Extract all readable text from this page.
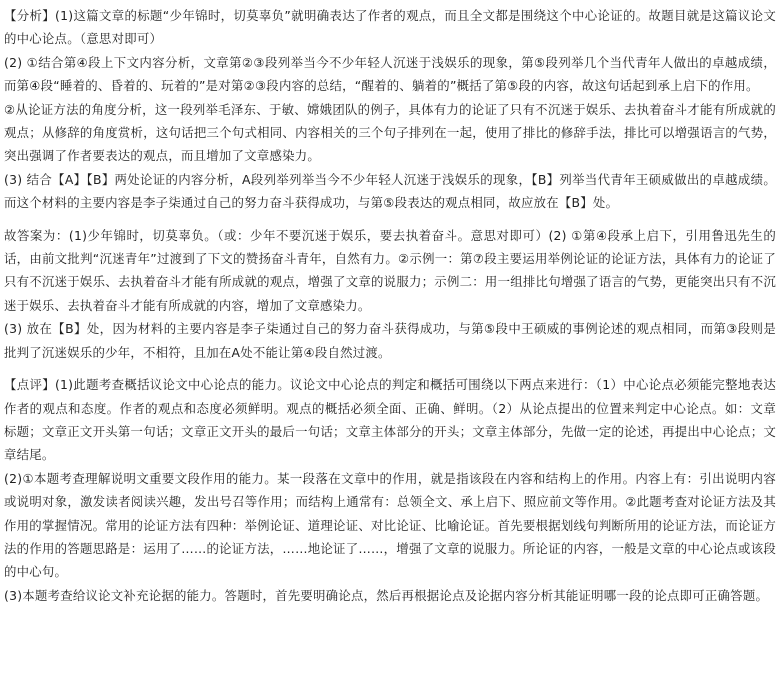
【分析】(1)这篇文章的标题“少年锦时，切莫辜负”就明确表达了作者的观点，而且全文都是围绕这个中心论证的。故题目就是这篇议论文的中心论点。（意思对即可）

(2) ①结合第④段上下文内容分析，文章第②③段列举当今不少年轻人沉迷于浅娱乐的现象，第⑤段列举几个当代青年人做出的卓越成绩，而第④段“睡着的、昏着的、玩着的”是对第②③段内容的总结，“醒着的、躺着的”概括了第⑤段的内容，故这句话起到承上启下的作用。

②从论证方法的角度分析，这一段列举毛泽东、于敏、嫦娥团队的例子，具体有力的论证了只有不沉迷于娱乐、去执着奋斗才能有所成就的观点；从修辞的角度赏析，这句话把三个句式相同、内容相关的三个句子排列在一起，使用了排比的修辞手法，排比可以增强语言的气势，突出强调了作者要表达的观点，而且增加了文章感染力。

(3) 结合【A】【B】两处论证的内容分析，A段列举列举当今不少年轻人沉迷于浅娱乐的现象，【B】列举当代青年王硕威做出的卓越成绩。而这个材料的主要内容是李子柒通过自己的努力奋斗获得成功，与第⑤段表达的观点相同，故应放在【B】处。

故答案为：(1)少年锦时，切莫辜负。（或：少年不要沉迷于娱乐，要去执着奋斗。意思对即可）(2) ①第④段承上启下，引用鲁迅先生的话，由前文批判“沉迷青年”过渡到了下文的赞扬奋斗青年，自然有力。②示例一：第⑦段主要运用举例论证的论证方法，具体有力的论证了只有不沉迷于娱乐、去执着奋斗才能有所成就的观点，增强了文章的说服力；示例二：用一组排比句增强了语言的气势，更能突出只有不沉迷于娱乐、去执着奋斗才能有所成就的内容，增加了文章感染力。

(3) 放在【B】处，因为材料的主要内容是李子柒通过自己的努力奋斗获得成功，与第⑤段中王硕威的事例论述的观点相同，而第③段则是批判了沉迷娱乐的少年，不相符，且加在A处不能让第④段自然过渡。

【点评】(1)此题考查概括议论文中心论点的能力。议论文中心论点的判定和概括可围绕以下两点来进行：（1）中心论点必须能完整地表达作者的观点和态度。作者的观点和态度必须鲜明。观点的概括必须全面、正确、鲜明。（2）从论点提出的位置来判定中心论点。如：文章标题；文章正文开头第一句话；文章正文开头的最后一句话；文章主体部分的开头；文章主体部分，先做一定的论述，再提出中心论点；文章结尾。

(2)①本题考查理解说明文重要文段作用的能力。某一段落在文章中的作用，就是指该段在内容和结构上的作用。内容上有：引出说明内容或说明对象，激发读者阅读兴趣，发出号召等作用；而结构上通常有：总领全文、承上启下、照应前文等作用。②此题考查对论证方法及其作用的掌握情况。常用的论证方法有四种：举例论证、道理论证、对比论证、比喻论证。首先要根据划线句判断所用的论证方法，而论证方法的作用的答题思路是：运用了……的论证方法，……地论证了……，增强了文章的说服力。所论证的内容，一般是文章的中心论点或该段的中心句。

(3)本题考查给议论文补充论据的能力。答题时，首先要明确论点，然后再根据论点及论据内容分析其能证明哪一段的论点即可正确答题。
